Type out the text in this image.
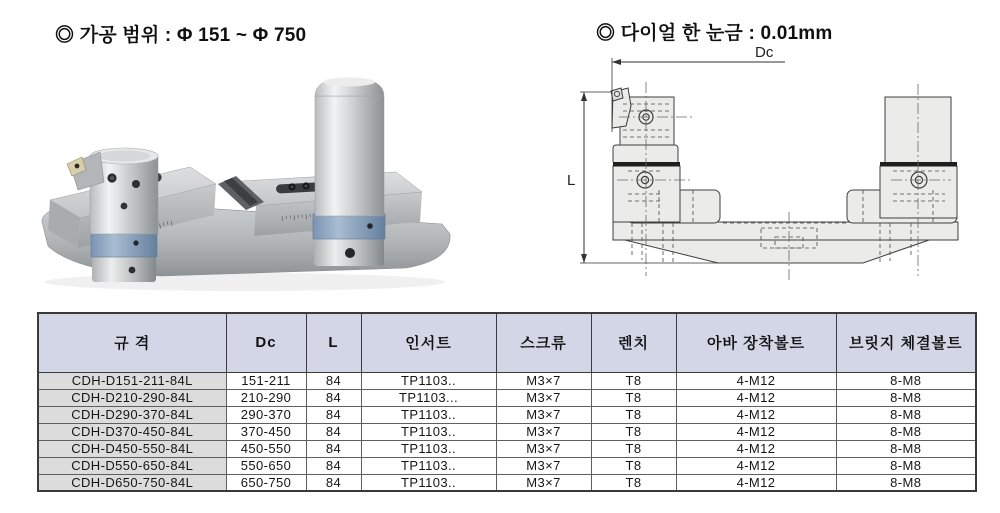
◎ 가공 범위 : Φ 151 ~ Φ 750	◎ 다이얼 한 눈금 : 0.01mm
Dc
L
규 격	Dc	L	인서트	스크류	렌치	아바 장착볼트	브릿지 체결볼트
CDH-D151-211-84L	151-211	84	TP1103..	M3×7	T8	4-M12	8-M8
CDH-D210-290-84L	210-290	84	TP1103...	M3×7	T8	4-M12	8-M8
CDH-D290-370-84L	290-370	84	TP1103..	M3×7	T8	4-M12	8-M8
CDH-D370-450-84L	370-450	84	TP1103..	M3×7	T8	4-M12	8-M8
CDH-D450-550-84L	450-550	84	TP1103..	M3×7	T8	4-M12	8-M8
CDH-D550-650-84L	550-650	84	TP1103..	M3×7	T8	4-M12	8-M8
CDH-D650-750-84L	650-750	84	TP1103..	M3×7	T8	4-M12	8-M8
